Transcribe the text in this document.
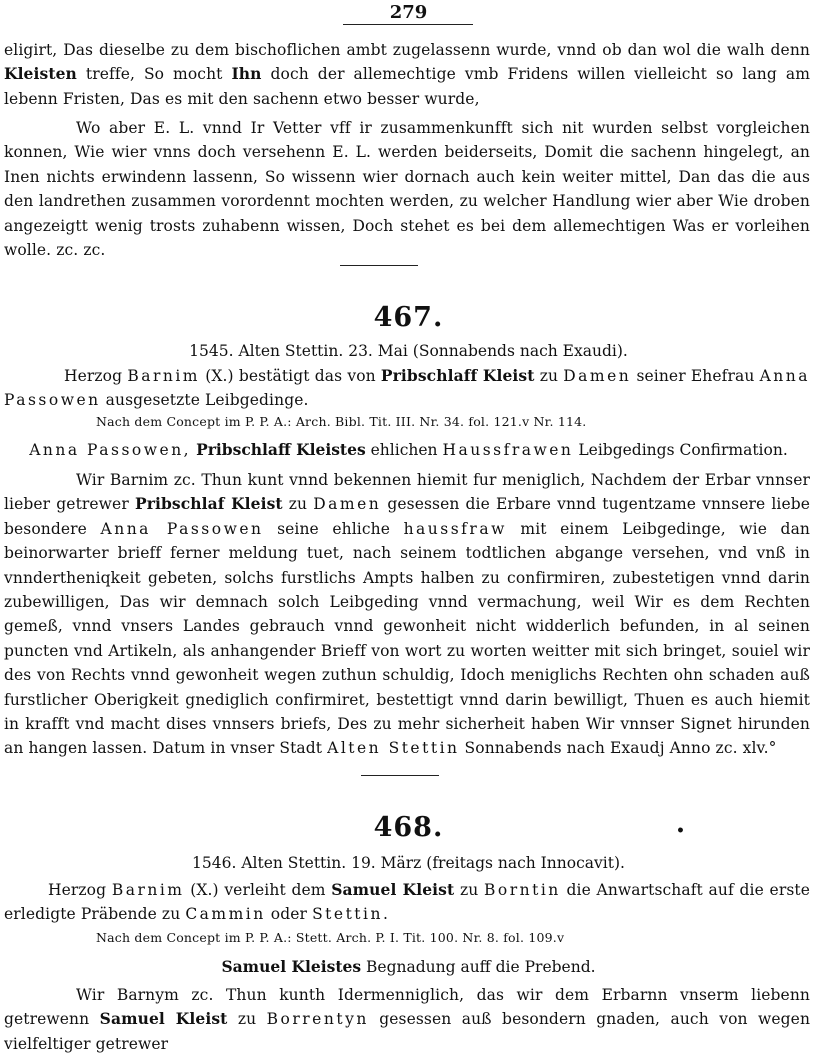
279

eligirt, Das dieselbe zu dem bischoflichen ambt zugelassenn wurde, vnnd ob dan wol die walh denn Kleisten treffe, So mocht Ihn doch der allemechtige vmb Fridens willen vielleicht so lang am lebenn Fristen, Das es mit den sachenn etwo besser wurde,

Wo aber E. L. vnnd Ir Vetter vff ir zusammenkunfft sich nit wurden selbst vorgleichen konnen, Wie wier vnns doch versehenn E. L. werden beiderseits, Domit die sachenn hingelegt, an Inen nichts erwindenn lassenn, So wissenn wier dornach auch kein weiter mittel, Dan das die aus den landrethen zusammen vorordennt mochten werden, zu welcher Handlung wier aber Wie droben angezeigtt wenig trosts zuhabenn wissen, Doch stehet es bei dem allemechtigen Was er vorleihen wolle. zc. zc.

467.
1545. Alten Stettin. 23. Mai (Sonnabends nach Exaudi).

Herzog Barnim (X.) bestätigt das von Pribschlaff Kleist zu Damen seiner Ehefrau Anna Passowen ausgesetzte Leibgedinge.

Nach dem Concept im P. P. A.: Arch. Bibl. Tit. III. Nr. 34. fol. 121.v Nr. 114.
Anna Passowen, Pribschlaff Kleistes ehlichen Haussfrawen Leibgedings Confirmation.

Wir Barnim zc. Thun kunt vnnd bekennen hiemit fur meniglich, Nachdem der Erbar vnnser lieber getrewer Pribschlaf Kleist zu Damen gesessen die Erbare vnnd tugentzame vnnsere liebe besondere Anna Passowen seine ehliche haussfraw mit einem Leibgedinge, wie dan beinorwarter brieff ferner meldung tuet, nach seinem todtlichen abgange versehen, vnd vnß in vnndertheniqkeit gebeten, solchs furstlichs Ampts halben zu confirmiren, zubestetigen vnnd darin zubewilligen, Das wir demnach solch Leibgeding vnnd vermachung, weil Wir es dem Rechten gemeß, vnnd vnsers Landes gebrauch vnnd gewonheit nicht widderlich befunden, in al seinen puncten vnd Artikeln, als anhangender Brieff von wort zu worten weitter mit sich bringet, souiel wir des von Rechts vnnd gewonheit wegen zuthun schuldig, Idoch meniglichs Rechten ohn schaden auß furstlicher Oberigkeit gnediglich confirmiret, bestettigt vnnd darin bewilligt, Thuen es auch hiemit in krafft vnd macht dises vnnsers briefs, Des zu mehr sicherheit haben Wir vnnser Signet hirunden an hangen lassen. Datum in vnser Stadt Alten Stettin Sonnabends nach Exaudj Anno zc. xlv.°

468.	•
1546. Alten Stettin. 19. März (freitags nach Innocavit).

Herzog Barnim (X.) verleiht dem Samuel Kleist zu Borntin die Anwartschaft auf die erste erledigte Präbende zu Cammin oder Stettin.

Nach dem Concept im P. P. A.: Stett. Arch. P. I. Tit. 100. Nr. 8. fol. 109.v
Samuel Kleistes Begnadung auff die Prebend.

Wir Barnym zc. Thun kunth Idermenniglich, das wir dem Erbarnn vnserm liebenn getrewenn Samuel Kleist zu Borrentyn gesessen auß besondern gnaden, auch von wegen vielfeltiger getrewer
